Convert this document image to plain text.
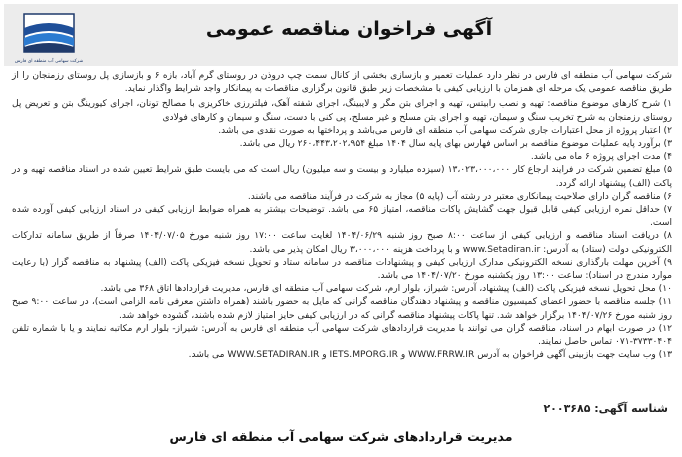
شرکت سهامی آب منطقه ای فارس
آگهی فراخوان مناقصه عمومی

شرکت سهامی آب منطقه ای فارس در نظر دارد عملیات تعمیر و بازسازی بخشی از کانال سمت چپ دروذن در روستای گرم آباد، بازه ۶ و بازسازی پل روستای رزمنجان را از طریق مناقصه عمومی یک مرحله ای همزمان با ارزیابی کیفی با مشخصات زیر طبق قانون برگزاری مناقصات به پیمانکار واجد شرایط واگذار نماید.

۱) شرح کارهای موضوع مناقصه: تهیه و نصب رابیتس، تهیه و اجرای بتن مگر و لایبینگ، اجرای شفته آهک، فیلتررزی خاکریزی با مصالح تونان، اجرای کیورینگ بتن و تعریض پل روستای رزمنجان به شرح تخریب سنگ و سیمان، تهیه و اجرای بتن مسلح و غیر مسلح، پی کنی با دست، سنگ و سیمان و کارهای فولادی

۲) اعتبار پروژه از محل اعتبارات جاری شرکت سهامی آب منطقه ای فارس می‌باشد و پرداختها به صورت نقدی می باشد.

۳) برآورد پایه عملیات موضوع مناقصه بر اساس فهارس بهای پایه سال ۱۴۰۴ مبلغ ۲۶۰،۴۴۳،۲۰۲،۹۵۴ ریال می باشد.

۴) مدت اجرای پروژه ۶ ماه می باشد.

۵) مبلغ تضمین شرکت در فرایند ارجاع کار ۱۳،۰۲۳،۰۰۰،۰۰۰ (سیزده میلیارد و بیست و سه میلیون) ریال است که می بایست طبق شرایط تعیین شده در اسناد مناقصه تهیه و در پاکت (الف) پیشنهاد ارائه گردد.

۶) مناقصه گران دارای صلاحیت پیمانکاری معتبر در رشته آب (پایه ۵) مجاز به شرکت در فرآیند مناقصه می باشند.

۷) حداقل نمره ارزیابی کیفی قابل قبول جهت گشایش پاکات مناقصه، امتیاز ۶۵ می باشد. توضیحات بیشتر به همراه ضوابط ارزیابی کیفی در اسناد ارزیابی کیفی آورده شده است.

۸) دریافت اسناد مناقصه و ارزیابی کیفی از ساعت ۸:۰۰ صبح روز شنبه ۱۴۰۴/۰۶/۲۹ لغایت ساعت ۱۷:۰۰ روز شنبه مورخ ۱۴۰۴/۰۷/۰۵ صرفاً از طریق سامانه تدارکات الکترونیکی دولت (ستاد) به آدرس: www.Setadiran.ir و با پرداخت هزینه ۳،۰۰۰،۰۰۰ ریال امکان پذیر می باشد.

۹) آخرین مهلت بارگذاری نسخه الکترونیکی مدارک ارزیابی کیفی و پیشنهادات مناقصه در سامانه ستاد و تحویل نسخه فیزیکی پاکت (الف) پیشنهاد به مناقصه گزار (با رعایت موارد مندرج در اسناد): ساعت ۱۳:۰۰ روز یکشنبه مورخ ۱۴۰۴/۰۷/۲۰ می باشد.

۱۰) محل تحویل نسخه فیزیکی پاکت (الف) پیشنهاد، آدرس: شیراز، بلوار ارم، شرکت سهامی آب منطقه ای فارس، مدیریت قراردادها اتاق ۳۶۸ می باشد.

۱۱) جلسه مناقصه با حضور اعضای کمیسیون مناقصه و پیشنهاد دهندگان مناقصه گرانی که مایل به حضور باشند (همراه داشتن معرفی نامه الزامی است)، در ساعت ۹:۰۰ صبح روز شنبه مورخ ۱۴۰۴/۰۷/۲۶ برگزار خواهد شد. تنها پاکات پیشنهاد مناقصه گرانی که در ارزیابی کیفی حایز امتیاز لازم شده باشند، گشوده خواهد شد.

۱۲) در صورت ابهام در اسناد، مناقصه گران می توانند با مدیریت قراردادهای شرکت سهامی آب منطقه ای فارس به آدرس: شیراز- بلوار ارم مکاتبه نمایند و یا با شماره تلفن ۳۷۳۳۰۴۰۴-۰۷۱ تماس حاصل نمایند.

۱۳) وب سایت جهت بازبینی آگهی فراخوان به آدرس WWW.FRRW.IR و IETS.MPORG.IR و WWW.SETADIRAN.IR می باشد.

شناسه آگهی: ۲۰۰۳۶۸۵
مدیریت قراردادهای شرکت سهامی آب منطقه ای فارس
